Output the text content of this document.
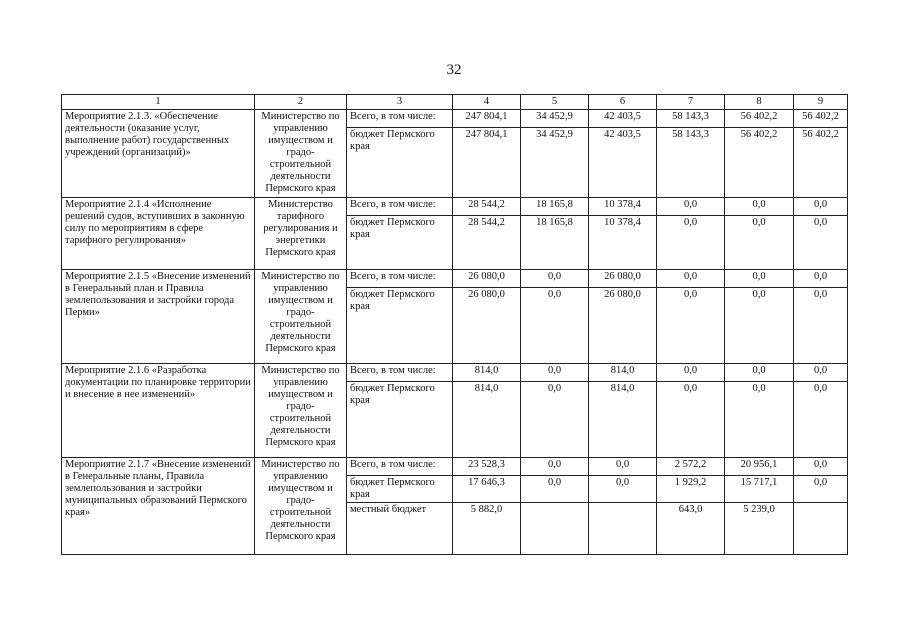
32
1	2	3	4	5	6	7	8	9
Мероприятие 2.1.3. «Обеспечение деятельности (оказание услуг, выполнение работ) государственных учреждений (организаций)»	Министерство по управлению имуществом и градо-строительной деятельности Пермского края	Всего, в том числе:	247 804,1	34 452,9	42 403,5	58 143,3	56 402,2	56 402,2
		бюджет Пермского края	247 804,1	34 452,9	42 403,5	58 143,3	56 402,2	56 402,2
Мероприятие 2.1.4 «Исполнение решений судов, вступивших в законную силу по мероприятиям в сфере тарифного регулирования»	Министерство тарифного регулирования и энергетики Пермского края	Всего, в том числе:	28 544,2	18 165,8	10 378,4	0,0	0,0	0,0
		бюджет Пермского края	28 544,2	18 165,8	10 378,4	0,0	0,0	0,0
Мероприятие 2.1.5 «Внесение изменений в Генеральный план и Правила землепользования и застройки города Перми»	Министерство по управлению имуществом и градо-строительной деятельности Пермского края	Всего, в том числе:	26 080,0	0,0	26 080,0	0,0	0,0	0,0
		бюджет Пермского края	26 080,0	0,0	26 080,0	0,0	0,0	0,0
Мероприятие 2.1.6 «Разработка документации по планировке территории и внесение в нее изменений»	Министерство по управлению имуществом и градо-строительной деятельности Пермского края	Всего, в том числе:	814,0	0,0	814,0	0,0	0,0	0,0
		бюджет Пермского края	814,0	0,0	814,0	0,0	0,0	0,0
Мероприятие 2.1.7 «Внесение изменений в Генеральные планы, Правила землепользования и застройки муниципальных образований Пермского края»	Министерство по управлению имуществом и градо-строительной деятельности Пермского края	Всего, в том числе:	23 528,3	0,0	0,0	2 572,2	20 956,1	0,0
		бюджет Пермского края	17 646,3	0,0	0,0	1 929,2	15 717,1	0,0
		местный бюджет	5 882,0			643,0	5 239,0	
